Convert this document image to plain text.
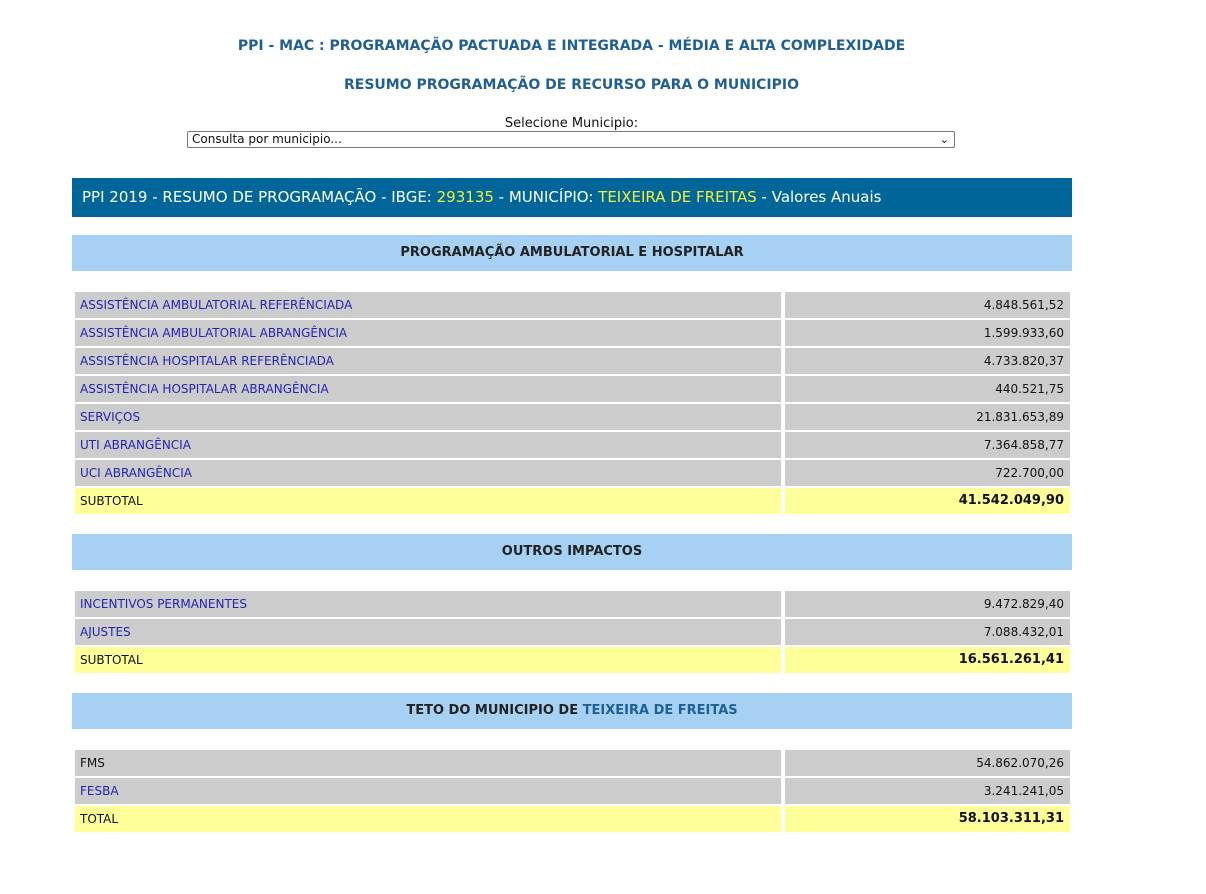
PPI - MAC : PROGRAMAÇÃO PACTUADA E INTEGRADA - MÉDIA E ALTA COMPLEXIDADE
RESUMO PROGRAMAÇÃO DE RECURSO PARA O MUNICIPIO
Selecione Municipio:
Consulta por municipio...	⌄
PPI 2019 - RESUMO DE PROGRAMAÇÃO - IBGE: 293135 - MUNICÍPIO: TEIXEIRA DE FREITAS - Valores Anuais
PROGRAMAÇÃO AMBULATORIAL E HOSPITALAR
ASSISTÊNCIA AMBULATORIAL REFERÊNCIADA	4.848.561,52
ASSISTÊNCIA AMBULATORIAL ABRANGÊNCIA	1.599.933,60
ASSISTÊNCIA HOSPITALAR REFERÊNCIADA	4.733.820,37
ASSISTÊNCIA HOSPITALAR ABRANGÊNCIA	440.521,75
SERVIÇOS	21.831.653,89
UTI ABRANGÊNCIA	7.364.858,77
UCI ABRANGÊNCIA	722.700,00
SUBTOTAL	41.542.049,90
OUTROS IMPACTOS
INCENTIVOS PERMANENTES	9.472.829,40
AJUSTES	7.088.432,01
SUBTOTAL	16.561.261,41
TETO DO MUNICIPIO DE TEIXEIRA DE FREITAS
FMS	54.862.070,26
FESBA	3.241.241,05
TOTAL	58.103.311,31
